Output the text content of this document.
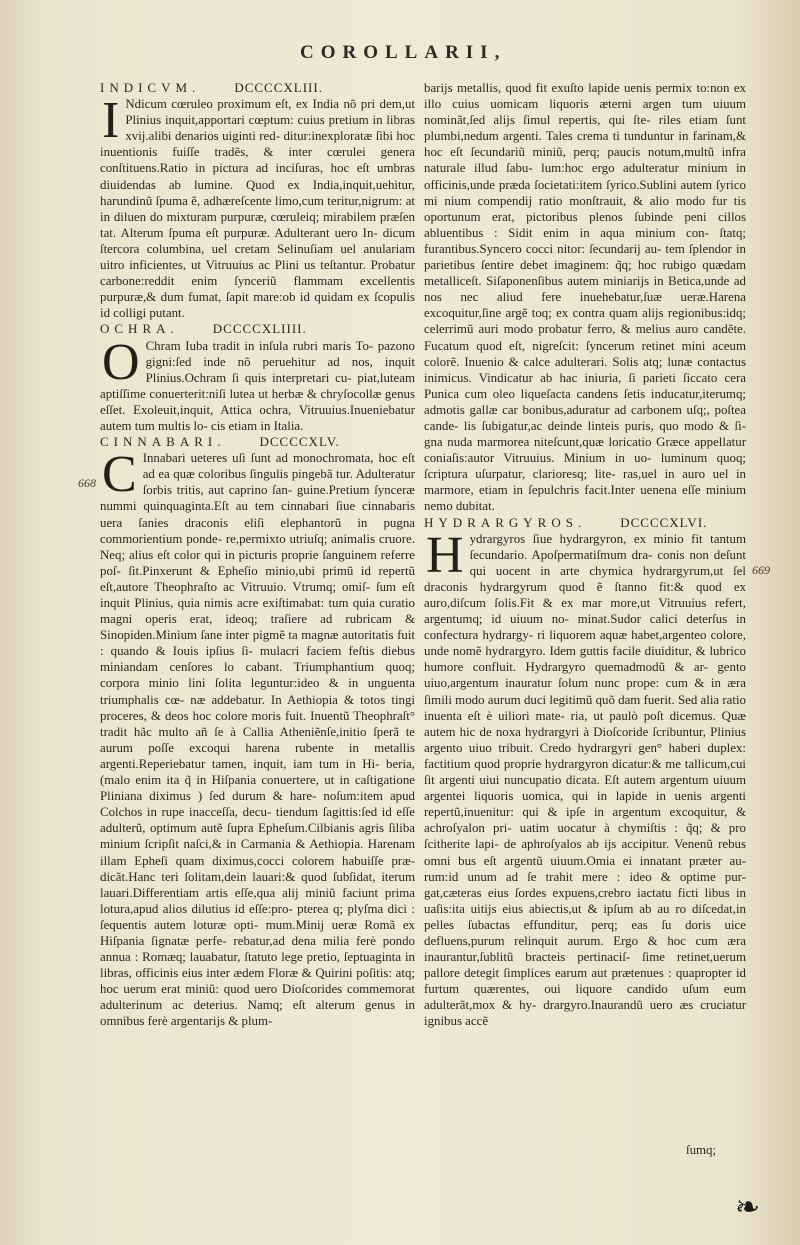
COROLLARII,
668
669

INDICVM.	DCCCCXLIII.

I Ndicum cœruleo proximum eſt, ex India nõ pri dem,ut Plinius inquit,apportari cœptum: cuius pretium in libras xvij.alibi denarios uiginti red- ditur:inexploratæ ſibi hoc inuentionis fuiſſe tradẽs, & inter cœrulei genera conſtituens.Ratio in pictura ad inciſuras, hoc eſt umbras diuidendas ab lumine. Quod ex India,inquit,uehitur, harundinũ ſpuma ẽ, adhæreſcente limo,cum teritur,nigrum: at in diluen do mixturam purpuræ, cœruleiq; mirabilem præſen tat. Alterum ſpuma eſt purpuræ. Adulterant uero In- dicum ſtercora columbina, uel cretam Selinuſiam uel anulariam uitro inficientes, ut Vitruuius ac Plini us teſtantur. Probatur carbone:reddit enim ſynceriũ flammam excellentis purpuræ,& dum fumat, ſapit mare:ob id quidam ex ſcopulis id colligi putant.

OCHRA.	DCCCCXLIIII.

O Chram Iuba tradit in inſula rubri maris To- pazono gigni:ſed inde nõ peruehitur ad nos, inquit Plinius.Ochram ſi quis interpretari cu- piat,luteam aptiſſime conuerterit:niſi lutea ut herbæ & chryſocollæ genus eſſet. Exoleuit,inquit, Attica ochra, Vitruuius.Inueniebatur autem tum multis lo- cis etiam in Italia.

CINNABARI.	DCCCCXLV.

C Innabari ueteres uſi ſunt ad monochromata, hoc eſt ad ea quæ coloribus ſingulis pingebã tur. Adulteratur ſorbis tritis, aut caprino ſan- guine.Pretium ſynceræ nummi quinquaginta.Eſt au tem cinnabari ſiue cinnabaris uera ſanies draconis eliſi elephantorũ in pugna commorientium ponde- re,permixto utriuſq; animalis cruore. Neq; alius eſt color qui in picturis proprie ſanguinem referre poſ- ſit.Pinxerunt & Epheſio minio,ubi primũ id repertũ eſt,autore Theophraſto ac Vitruuio. Vtrumq; omiſ- ſum eſt inquit Plinius, quia nimis acre exiſtimabat: tum quia curatio magni operis erat, ideoq; traſiere ad rubricam & Sinopiden.Minium ſane inter pigmẽ ta magnæ autoritatis fuit : quando & Iouis ipſius ſi- mulacri faciem feſtis diebus miniandam cenſores lo cabant. Triumphantium quoq; corpora minio lini ſolita leguntur:ideo & in unguenta triumphalis cœ- næ addebatur. In Aethiopia & totos tingi proceres, & deos hoc colore moris fuit. Inuentũ Theophraſt° tradit hãc multo añ ſe à Callia Atheniẽnſe,initio ſperã te aurum poſſe excoqui harena rubente in metallis argenti.Reperiebatur tamen, inquit, iam tum in Hi- beria,(malo enim ita q̃ in Hiſpania conuertere, ut in caſtigatione Pliniana diximus ) ſed durum & hare- noſum:item apud Colchos in rupe inacceſſa, decu- tiendum ſagittis:ſed id eſſe adulterũ, optimum autẽ ſupra Epheſum.Cilbianis agris ſiliba minium ſcripſit naſci,& in Carmania & Aethiopia. Harenam illam Epheſi quam diximus,cocci colorem habuiſſe præ- dicãt.Hanc teri ſolitam,dein lauari:& quod ſubſidat, iterum lauari.Differentiam artis eſſe,qua alij miniũ faciunt prima lotura,apud alios dilutius id eſſe:pro- pterea q; plyſma dici : ſequentis autem loturæ opti- mum.Minij ueræ Romã ex Hiſpania ſignatæ perfe- rebatur,ad dena milia ferè pondo annua : Romæq; lauabatur, ſtatuto lege pretio, ſeptuaginta in libras, officinis eius inter ædem Floræ & Quirini poſitis: atq; hoc uerum erat miniũ: quod uero Dioſcorides commemorat adulterinum ac deterius. Namq; eſt alterum genus in omnibus ferè argentarijs & plum-

barijs metallis, quod fit exuſto lapide uenis permix to:non ex illo cuius uomicam liquoris æterni argen tum uiuum nominãt,ſed alijs ſimul repertis, qui ſte- riles etiam ſunt plumbi,nedum argenti. Tales crema ti tunduntur in farinam,& hoc eſt ſecundariũ miniũ, perq; paucis notum,multũ infra naturale illud ſabu- lum:hoc ergo adulteratur minium in officinis,unde præda ſocietati:item ſyrico.Sublini autem ſyrico mi nium compendij ratio monſtrauit, & alio modo fur tis oportunum erat, pictoribus plenos ſubinde peni cillos abluentibus : Sidit enim in aqua minium con- ſtatq; furantibus.Syncero cocci nitor: ſecundarij au- tem ſplendor in parietibus ſentire debet imaginem: q̃q; hoc rubigo quædam metalliceſt. Siſaponenſibus autem miniarijs in Betica,unde ad nos nec aliud fere inuehebatur,ſuæ ueræ.Harena excoquitur,ſine argẽ toq; ex contra quam alijs regionibus:idq; celerrimũ auri modo probatur ferro, & melius auro candẽte. Fucatum quod eſt, nigreſcit: ſyncerum retinet mini aceum colorẽ. Inuenio & calce adulterari. Solis atq; lunæ contactus inimicus. Vindicatur ab hac iniuria, ſi parieti ſiccato cera Punica cum oleo liqueſacta candens ſetis inducatur,iterumq; admotis gallæ car bonibus,aduratur ad carbonem uſq;, poſtea cande- lis ſubigatur,ac deinde linteis puris, quo modo & ſi- gna nuda marmorea niteſcunt,quæ loricatio Græce appellatur coniaſis:autor Vitruuius. Minium in uo- luminum quoq; ſcriptura uſurpatur, clarioresq; lite- ras,uel in auro uel in marmore, etiam in ſepulchris facit.Inter uenena eſſe minium nemo dubitat.

HYDRARGYROS.	DCCCCXLVI.

Hydrargyros ſiue hydrargyron, ex minio fit tantum ſecundario. Apoſpermatiſmum dra- conis non deſunt qui uocent in arte chymica hydrargyrum,ut ſel draconis hydrargyrum quod ẽ ſtanno fit:& quod ex auro,diſcum ſolis.Fit & ex mar more,ut Vitruuius refert, argentumq; id uiuum no- minat.Sudor calici deterſus in confectura hydrargy- ri liquorem aquæ habet,argenteo colore, unde nomẽ hydrargyro. Idem guttis facile diuiditur, & lubrico humore confluit. Hydrargyro quemadmodũ & ar- gento uiuo,argentum inauratur ſolum nunc prope: cum & in æra ſimili modo aurum duci legitimũ quõ dam fuerit. Sed alia ratio inuenta eſt è uiliori mate- ria, ut paulò poſt dicemus. Quæ autem hic de noxa hydrargyri à Dioſcoride ſcribuntur, Plinius argento uiuo tribuit. Credo hydrargyri gen° haberi duplex: factitium quod proprie hydrargyron dicatur:& me tallicum,cui ſit argenti uiui nuncupatio dicata. Eſt autem argentum uiuum argentei liquoris uomica, qui in lapide in uenis argenti repertũ,inuenitur: qui & ipſe in argentum excoquitur, & achroſyalon pri- uatim uocatur à chymiſtis : q̃q; & pro ſcitherite lapi- de aphroſyalos ab ijs accipitur. Venenũ rebus omni bus eſt argentũ uiuum.Omia ei innatant præter au- rum:id unum ad ſe trahit mere : ideo & optime pur- gat,cæteras eius ſordes expuens,crebro iactatu ficti libus in uaſis:ita uitijs eius abiectis,ut & ipſum ab au ro diſcedat,in pelles ſubactas effunditur, perq; eas ſu doris uice defluens,purum relinquit aurum. Ergo & hoc cum æra inaurantur,ſublitũ bracteis pertinaciſ- ſime retinet,uerum pallore detegit ſimplices earum aut prætenues : quapropter id furtum quærentes, oui liquore candido uſum eum adulterãt,mox & hy- drargyro.Inaurandũ uero æs cruciatur ignibus accẽ

ſumq;
❧
